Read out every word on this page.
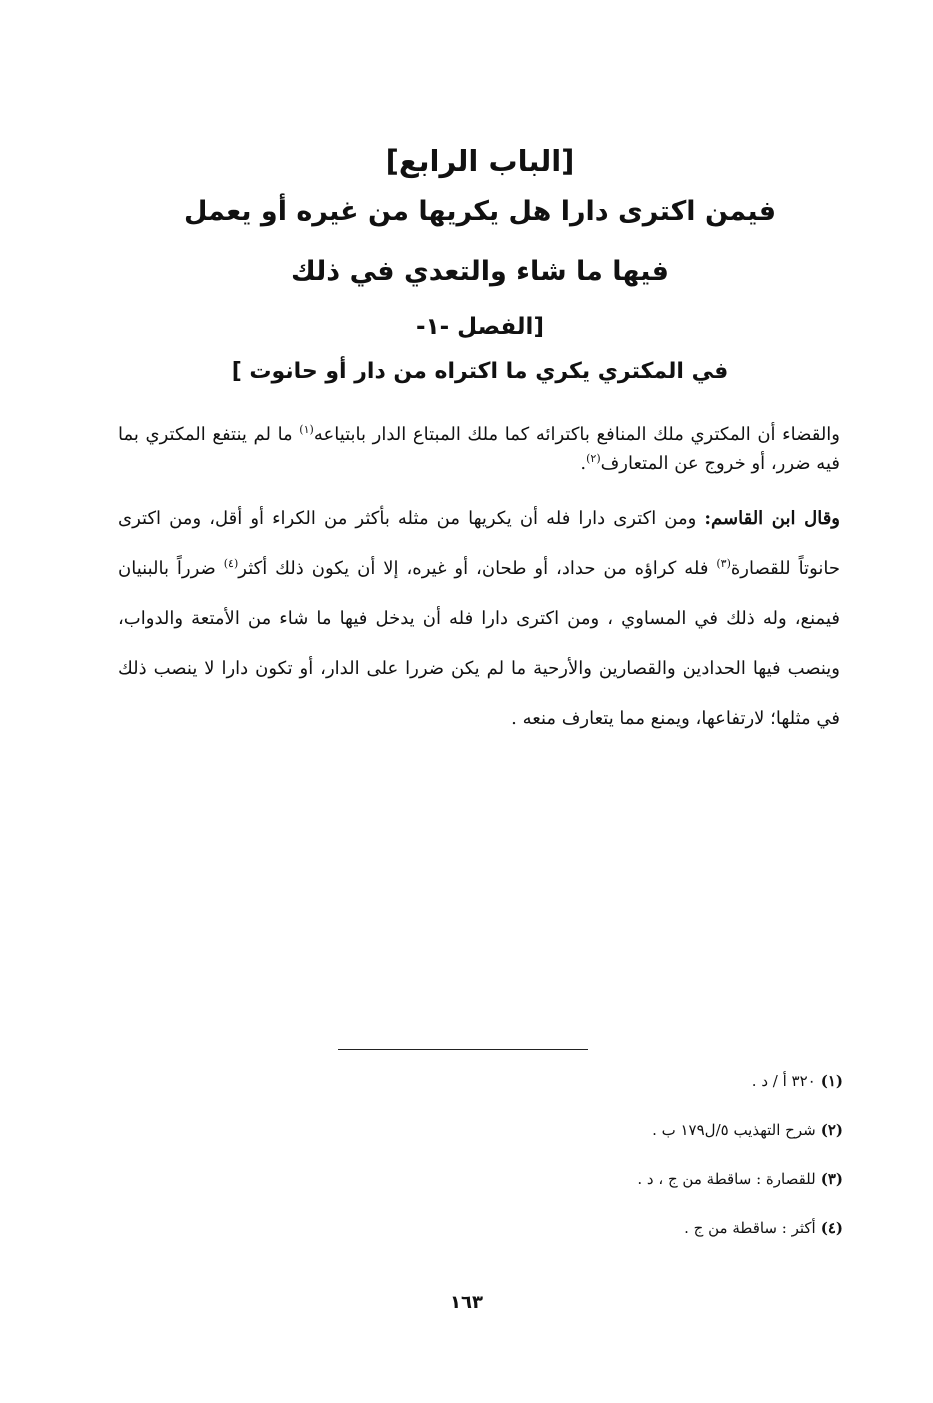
[الباب الرابع]

فيمن اكترى دارا هل يكريها من غيره أو يعمل

فيها ما شاء والتعدي في ذلك

[الفصل -١-

في المكتري يكري ما اكتراه من دار أو حانوت ]

والقضاء أن المكتري ملك المنافع باكترائه كما ملك المبتاع الدار بابتياعه$^{(١)}$ ما لم ينتفع المكتري بما فيه ضرر، أو خروج عن المتعارف$^{(٢)}$.

وقال ابن القاسم: ومن اكترى دارا فله أن يكريها من مثله بأكثر من الكراء أو أقل، ومن اكترى حانوتاً للقصارة$^{(٣)}$ فله كراؤه من حداد، أو طحان، أو غيره، إلا أن يكون ذلك أكثر$^{(٤)}$ ضرراً بالبنيان فيمنع، وله ذلك في المساوي ، ومن اكترى دارا فله أن يدخل فيها ما شاء من الأمتعة والدواب، وينصب فيها الحدادين والقصارين والأرحية ما لم يكن ضررا على الدار، أو تكون دارا لا ينصب ذلك في مثلها؛ لارتفاعها، ويمنع مما يتعارف منعه .

(١)٣٢٠ أ / د .
(٢)شرح التهذيب ٥/ل١٧٩ ب .
(٣)للقصارة : ساقطة من ج ، د .
(٤)أكثر : ساقطة من ج .
١٦٣
